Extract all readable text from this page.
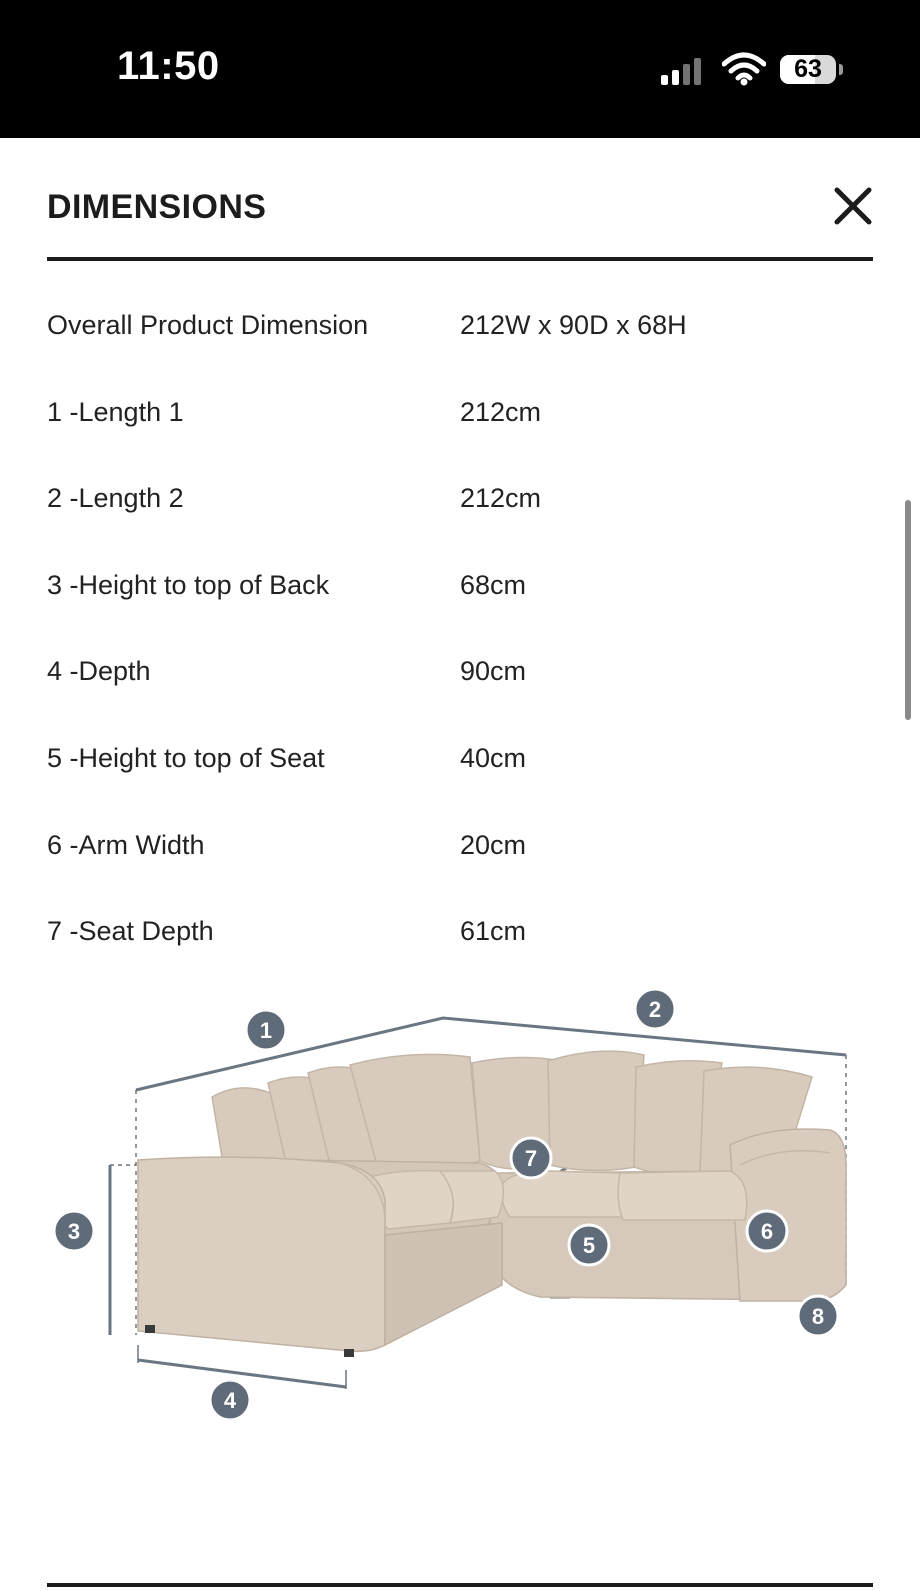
11:50	63
DIMENSIONS
Overall Product Dimension	212W x 90D x 68H
1 -Length 1	212cm
2 -Length 2	212cm
3 -Height to top of Back	68cm
4 -Depth	90cm
5 -Height to top of Seat	40cm
6 -Arm Width	20cm
7 -Seat Depth	61cm
1
2
3
4
5
6
7
8
